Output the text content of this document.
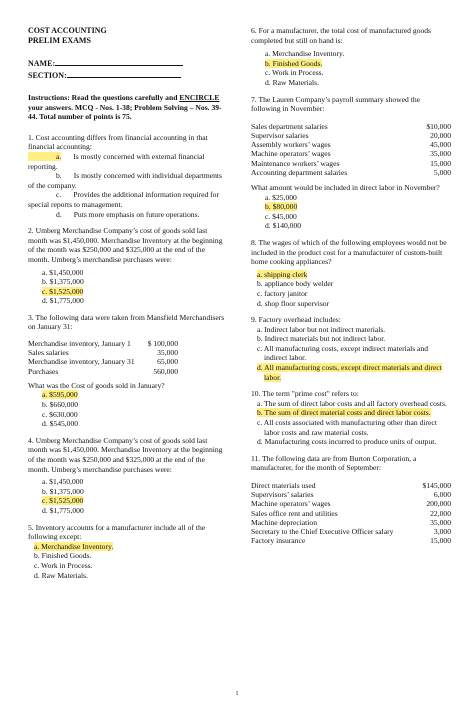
COST ACCOUNTING

PRELIM EXAMS

NAME:

SECTION:

Instructions: Read the questions carefully and ENCIRCLE your answers. MCQ - Nos. 1-38; Problem Solving – Nos. 39-44. Total number of points is 75.

1. Cost accounting differs from financial accounting in that financial accounting:

a. Is mostly concerned with external financial reporting.

b. Is mostly concerned with individual departments of the company.

c. Provides the additional information required for special reports to management.

d. Puts more emphasis on future operations.

2. Umberg Merchandise Company’s cost of goods sold last month was $1,450,000. Merchandise Inventory at the beginning of the month was $250,000 and $325,000 at the end of the month. Umberg’s merchandise purchases were:

a. $1,450,000

b. $1,375,000

c. $1,525,000

d. $1,775,000

3. The following data were taken from Mansfield Merchandisers on January 31:

Merchandise inventory, January 1	$ 100,000
Sales salaries	35,000
Merchandise inventory, January 31	65,000
Purchases	560,000

What was the Cost of goods sold in January?

a. $595,000

b. $660,000

c. $630,000

d. $545,000

4. Umberg Merchandise Company’s cost of goods sold last month was $1,450,000. Merchandise Inventory at the beginning of the month was $250,000 and $325,000 at the end of the month. Umberg’s merchandise purchases were:

a. $1,450,000

b. $1,375,000

c. $1,525,000

d. $1,775,000

5. Inventory accounts for a manufacturer include all of the following except:

a. Merchandise Inventory.

b. Finished Goods.

c. Work in Process.

d. Raw Materials.

6. For a manufacturer, the total cost of manufactured goods completed but still on hand is:

a. Merchandise Inventory.

b. Finished Goods.

c. Work in Process.

d. Raw Materials.

7. The Lauren Company’s payroll summary showed the following in November:

Sales department salaries	$10,000
Supervisor salaries	20,000
Assembly workers’ wages	45,000
Machine operators’ wages	35,000
Maintenance workers’ wages	15,000
Accounting department salaries	5,000

What amount would be included in direct labor in November?

a. $25,000

b. $80,000

c. $45,000

d. $140,000

8. The wages of which of the following employees would not be included in the product cost for a manufacturer of custom-built home cooking appliances?

a. shipping clerk

b. appliance body welder

c. factory janitor

d. shop floor supervisor

9. Factory overhead includes:

a. Indirect labor but not indirect materials.

b. Indirect materials but not indirect labor.

c. All manufacturing costs, except indirect materials and indirect labor.

d. All manufacturing costs, except direct materials and direct labor.

10. The term "prime cost" refers to:

a. The sum of direct labor costs and all factory overhead costs.

b. The sum of direct material costs and direct labor costs.

c. All costs associated with manufacturing other than direct labor costs and raw material costs.

d. Manufacturing costs incurred to produce units of output.

11. The following data are from Burton Corporation, a manufacturer, for the month of September:

Direct materials used	$145,000
Supervisors’ salaries	6,000
Machine operators’ wages	200,000
Sales office rent and utilities	22,000
Machine depreciation	35,000
Secretary to the Chief Executive Officer salary	3,000
Factory insurance	15,000
1
